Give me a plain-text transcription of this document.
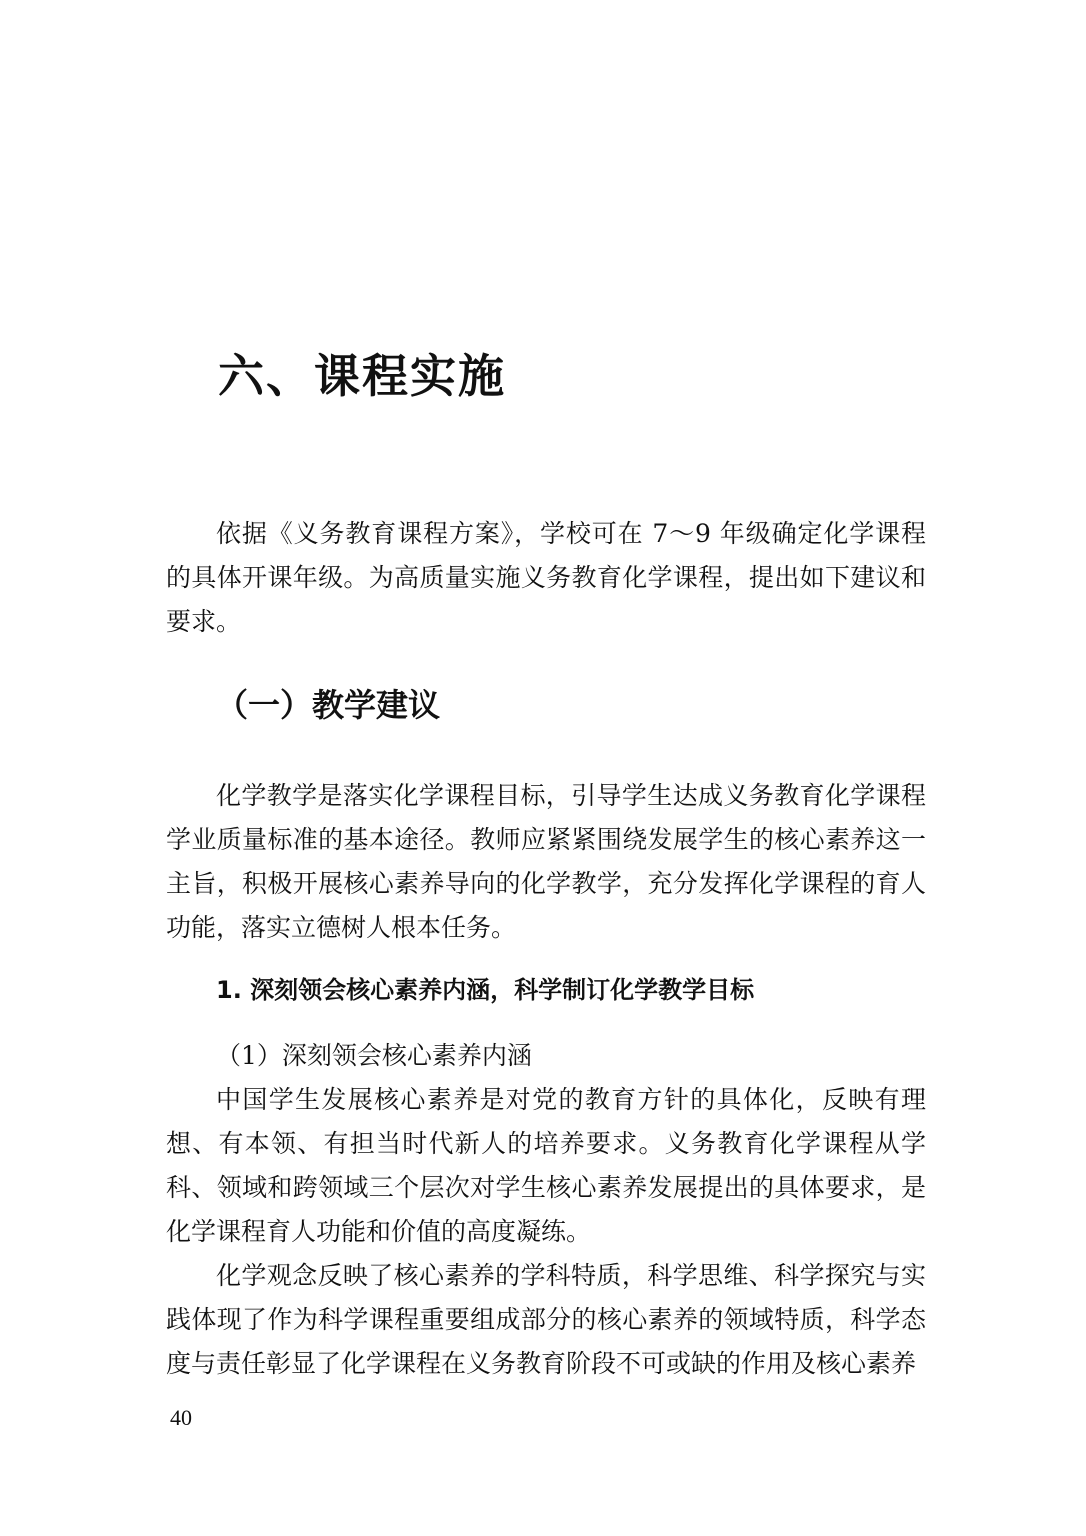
六、课程实施

依据《义务教育课程方案》，学校可在 7～9 年级确定化学课程的具体开课年级。为高质量实施义务教育化学课程，提出如下建议和要求。

（一）教学建议

化学教学是落实化学课程目标，引导学生达成义务教育化学课程学业质量标准的基本途径。教师应紧紧围绕发展学生的核心素养这一主旨，积极开展核心素养导向的化学教学，充分发挥化学课程的育人功能，落实立德树人根本任务。

1. 深刻领会核心素养内涵，科学制订化学教学目标

（1）深刻领会核心素养内涵

中国学生发展核心素养是对党的教育方针的具体化，反映有理想、有本领、有担当时代新人的培养要求。义务教育化学课程从学科、领域和跨领域三个层次对学生核心素养发展提出的具体要求，是化学课程育人功能和价值的高度凝练。

化学观念反映了核心素养的学科特质，科学思维、科学探究与实践体现了作为科学课程重要组成部分的核心素养的领域特质，科学态度与责任彰显了化学课程在义务教育阶段不可或缺的作用及核心素养

40
